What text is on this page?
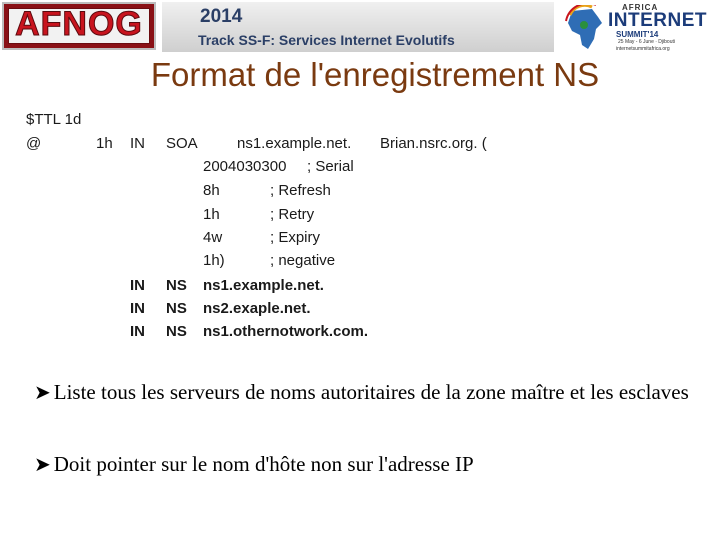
AFNOG	2014
Track SS-F: Services Internet Evolutifs
AFRICA
INTERNET
SUMMIT'14
25 May - 6 June · Djibouti
internetsummitafrica.org
Format de l'enregistrement NS
$TTL 1d
@	1h IN SOA	ns1.example.net. Brian.nsrc.org. (
2004030300 ; Serial
8h	; Refresh
1h	; Retry
4w	; Expiry
1h)	; negative
IN NS ns1.example.net.
IN NS ns2.exaple.net.
IN NS ns1.othernotwork.com.
➤ Liste tous les serveurs de noms autoritaires de la zone maître et les esclaves
➤ Doit pointer sur le nom d'hôte non sur l'adresse IP
